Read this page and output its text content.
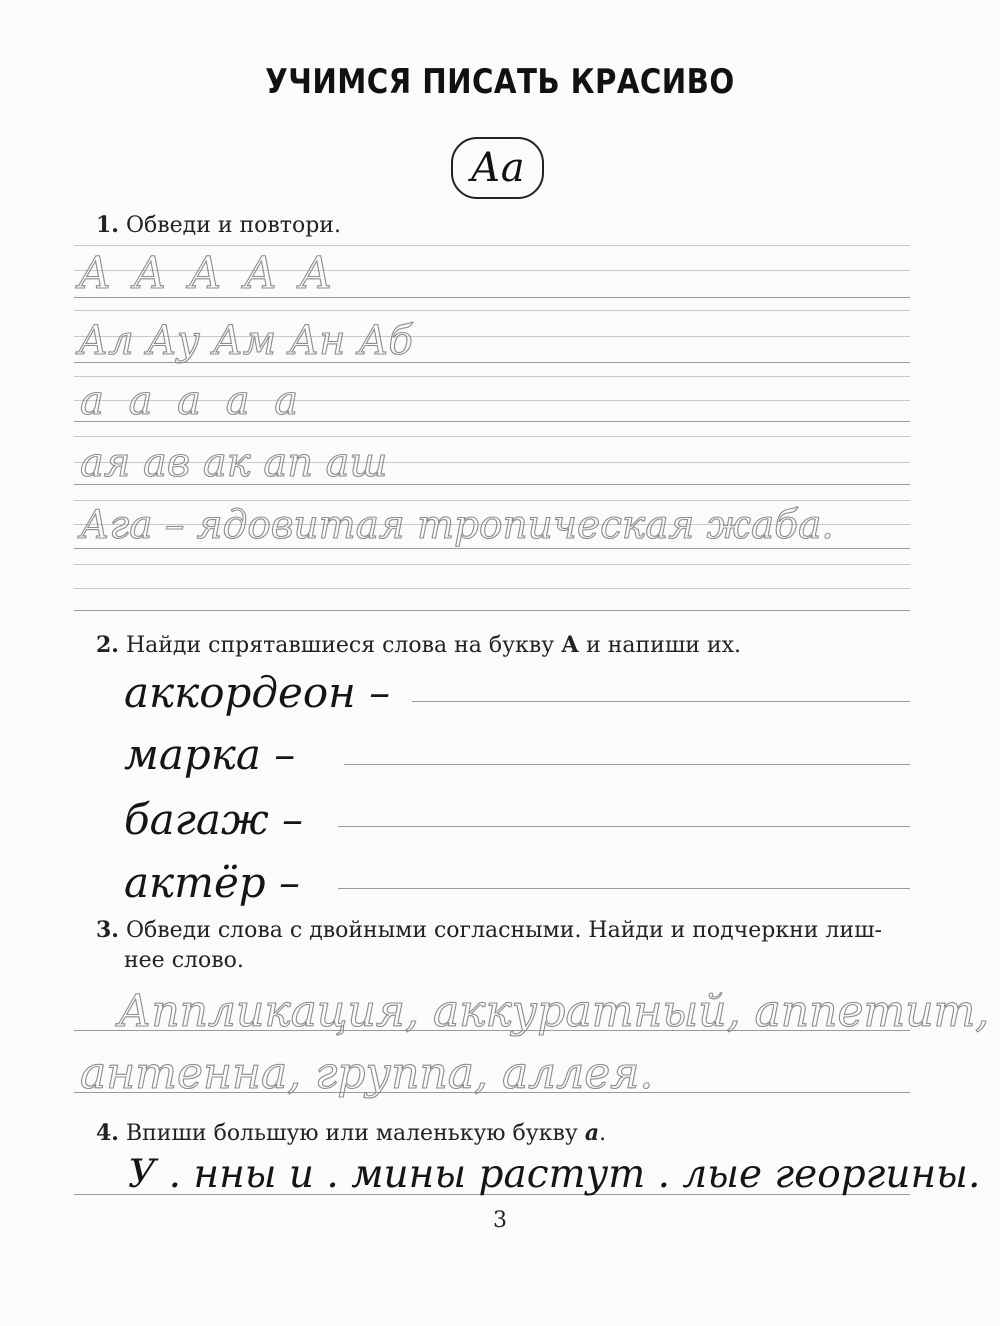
УЧИМСЯ ПИСАТЬ КРАСИВО
Аа
1. Обведи и повтори.
А А А А А
Ал Ау Ам Ан Аб
а а а а а
ая ав ак ап аш
Ага – ядовитая тропическая жаба.
2. Найди спрятавшиеся слова на букву А и напиши их.
аккордеон –
марка –
багаж –
актёр –
3. Обведи слова с двойными согласными. Найди и подчеркни лиш-
нее слово.
Аппликация, аккуратный, аппетит,
антенна, группа, аллея.
4. Впиши большую или маленькую букву а.
У . нны и . мины растут . лые георгины.
3
